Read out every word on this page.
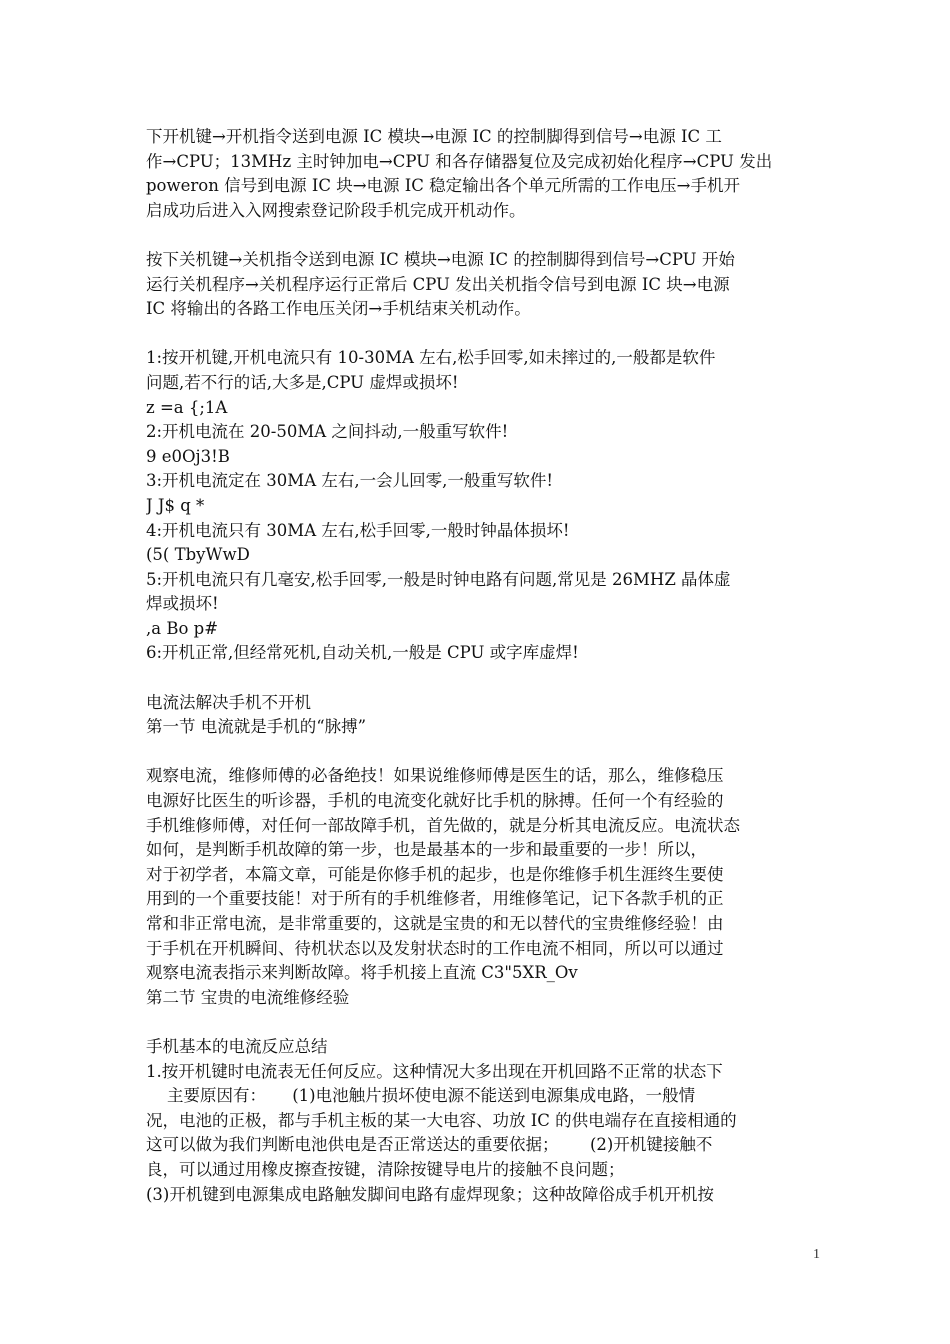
下开机键→开机指令送到电源 IC 模块→电源 IC 的控制脚得到信号→电源 IC 工
作→CPU；13MHz 主时钟加电→CPU 和各存储器复位及完成初始化程序→CPU 发出
poweron 信号到电源 IC 块→电源 IC 稳定输出各个单元所需的工作电压→手机开
启成功后进入入网搜索登记阶段手机完成开机动作。
按下关机键→关机指令送到电源 IC 模块→电源 IC 的控制脚得到信号→CPU 开始
运行关机程序→关机程序运行正常后 CPU 发出关机指令信号到电源 IC 块→电源
IC 将输出的各路工作电压关闭→手机结束关机动作。
1:按开机键,开机电流只有 10-30MA 左右,松手回零,如未摔过的,一般都是软件
问题,若不行的话,大多是,CPU 虚焊或损坏!
z =a {;1A
2:开机电流在 20-50MA 之间抖动,一般重写软件!
9 e0Oj3!B
3:开机电流定在 30MA 左右,一会儿回零,一般重写软件!
J J$ q *
4:开机电流只有 30MA 左右,松手回零,一般时钟晶体损坏!
(5( TbyWwD
5:开机电流只有几毫安,松手回零,一般是时钟电路有问题,常见是 26MHZ 晶体虚
焊或损坏!
,a Bo p#
6:开机正常,但经常死机,自动关机,一般是 CPU 或字库虚焊!
电流法解决手机不开机
第一节 电流就是手机的“脉搏”
观察电流，维修师傅的必备绝技！如果说维修师傅是医生的话，那么，维修稳压
电源好比医生的听诊器，手机的电流变化就好比手机的脉搏。任何一个有经验的
手机维修师傅，对任何一部故障手机，首先做的，就是分析其电流反应。电流状态
如何，是判断手机故障的第一步，也是最基本的一步和最重要的一步！所以，
对于初学者，本篇文章，可能是你修手机的起步，也是你维修手机生涯终生要使
用到的一个重要技能！对于所有的手机维修者，用维修笔记，记下各款手机的正
常和非正常电流，是非常重要的，这就是宝贵的和无以替代的宝贵维修经验！由
于手机在开机瞬间、待机状态以及发射状态时的工作电流不相同，所以可以通过
观察电流表指示来判断故障。将手机接上直流 C3"5XR_Ov
第二节 宝贵的电流维修经验
手机基本的电流反应总结
1.按开机键时电流表无任何反应。这种情况大多出现在开机回路不正常的状态下
主要原因有：     (1)电池触片损坏使电源不能送到电源集成电路，一般情
况，电池的正极，都与手机主板的某一大电容、功放 IC 的供电端存在直接相通的
这可以做为我们判断电池供电是否正常送达的重要依据；      (2)开机键接触不
良，可以通过用橡皮擦查按键，清除按键导电片的接触不良问题；
(3)开机键到电源集成电路触发脚间电路有虚焊现象；这种故障俗成手机开机按
1
